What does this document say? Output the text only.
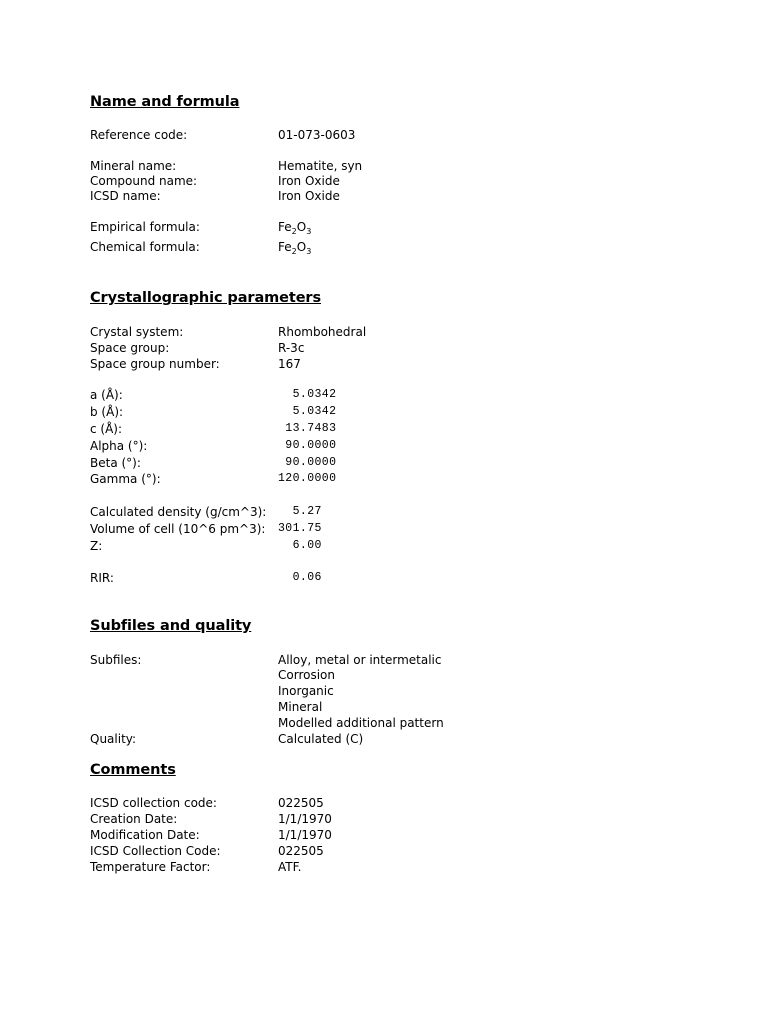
Name and formula
Reference code:	01-073-0603
Mineral name:	Hematite, syn
Compound name:	Iron Oxide
ICSD name:	Iron Oxide
Empirical formula:	$Fe_2O_3$
Chemical formula:	$Fe_2O_3$
Crystallographic parameters
Crystal system:	Rhombohedral
Space group:	R-3c
Space group number:	167
a (Å):	5.0342
b (Å):	5.0342
c (Å):	13.7483
Alpha (°):	90.0000
Beta (°):	90.0000
Gamma (°):	120.0000
Calculated density (g/cm^3): 5.27
Volume of cell (10^6 pm^3): 301.75
Z:	6.00
RIR:	0.06
Subfiles and quality
Subfiles:	Alloy, metal or intermetalic
Corrosion
Inorganic
Mineral
Modelled additional pattern
Quality:	Calculated (C)
Comments
ICSD collection code:	022505
Creation Date:	1/1/1970
Modification Date:	1/1/1970
ICSD Collection Code:	022505
Temperature Factor:	ATF.
